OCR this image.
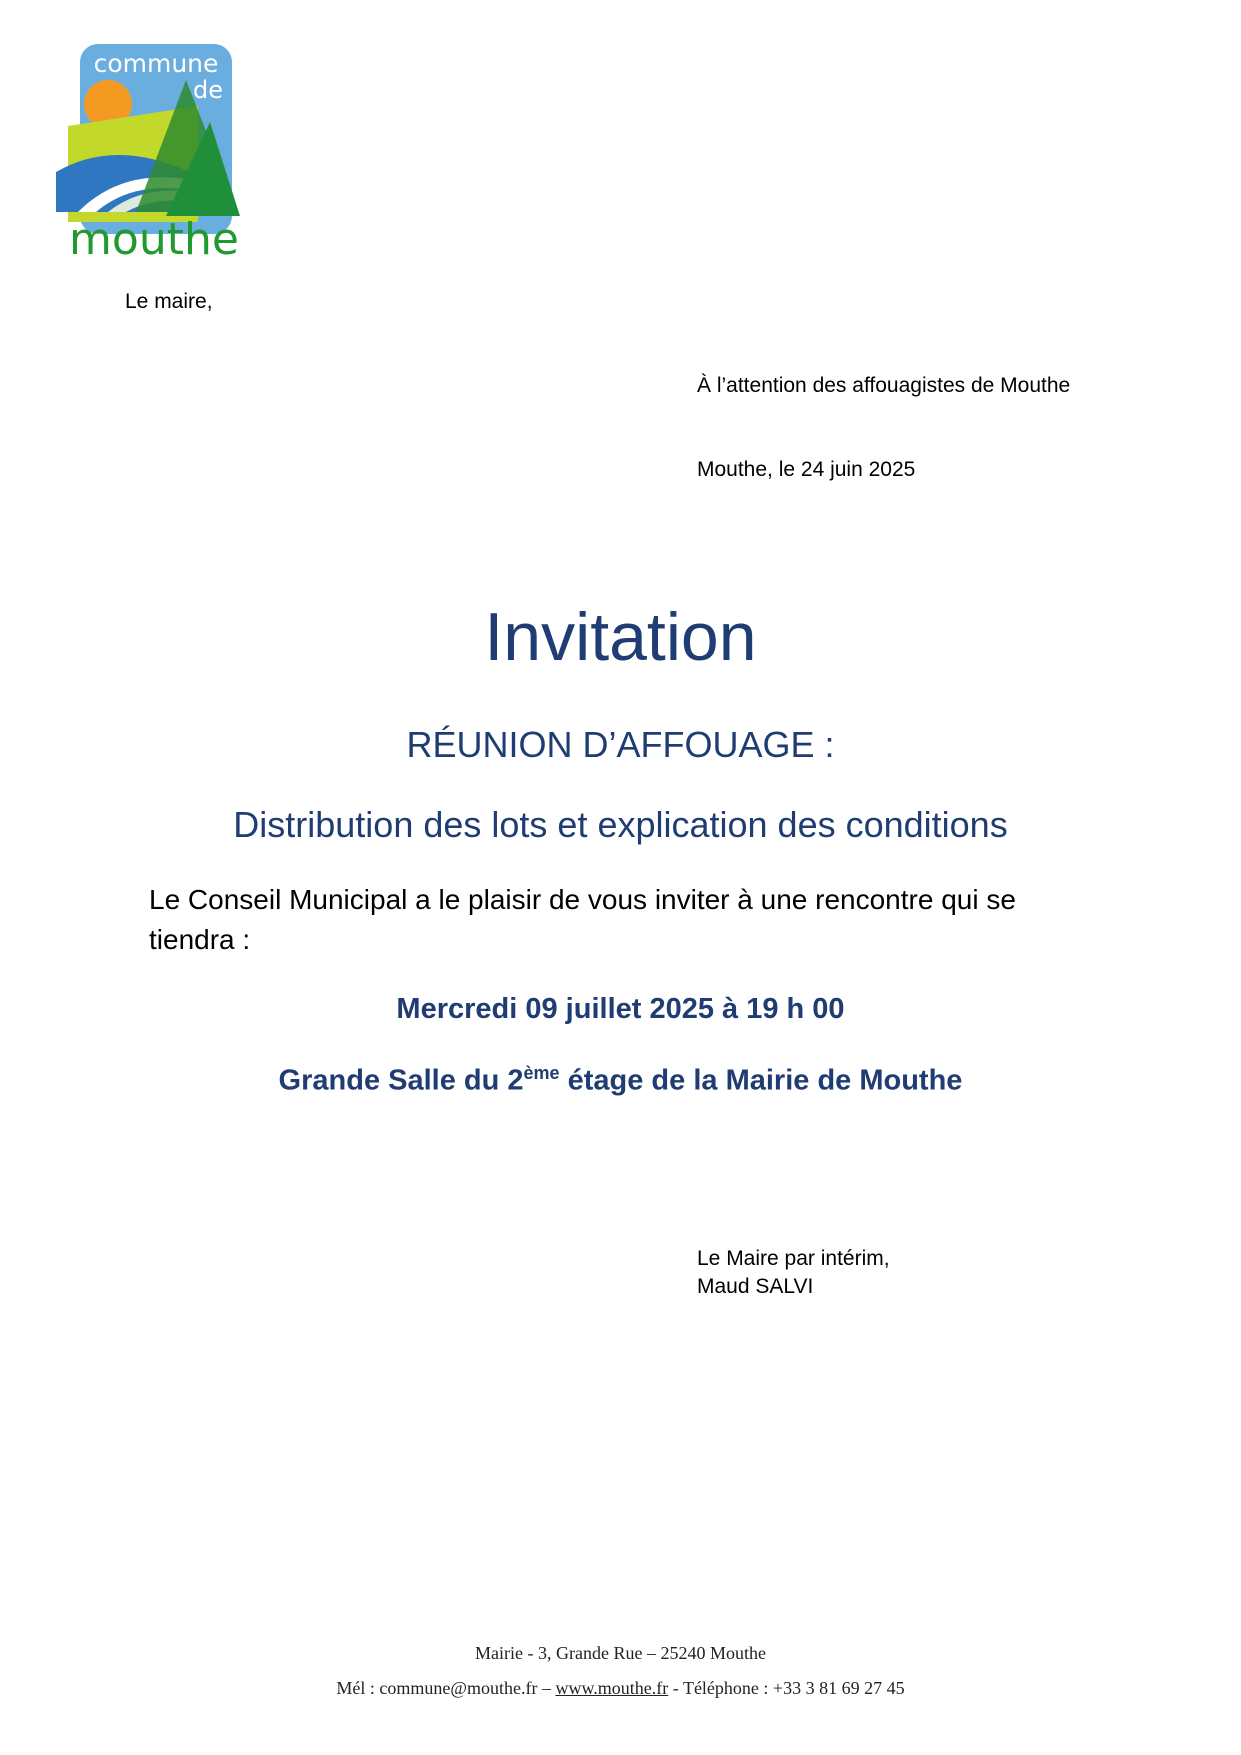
commune
de
mouthe
Le maire,
À l’attention des affouagistes de Mouthe
Mouthe, le 24 juin 2025
Invitation
RÉUNION D’AFFOUAGE :
Distribution des lots et explication des conditions
Le Conseil Municipal a le plaisir de vous inviter à une rencontre qui se tiendra :
Mercredi 09 juillet 2025 à 19 h 00
Grande Salle du 2ème étage de la Mairie de Mouthe
Le Maire par intérim,
Maud SALVI
Mairie - 3, Grande Rue – 25240 Mouthe
Mél : commune@mouthe.fr – www.mouthe.fr - Téléphone : +33 3 81 69 27 45
